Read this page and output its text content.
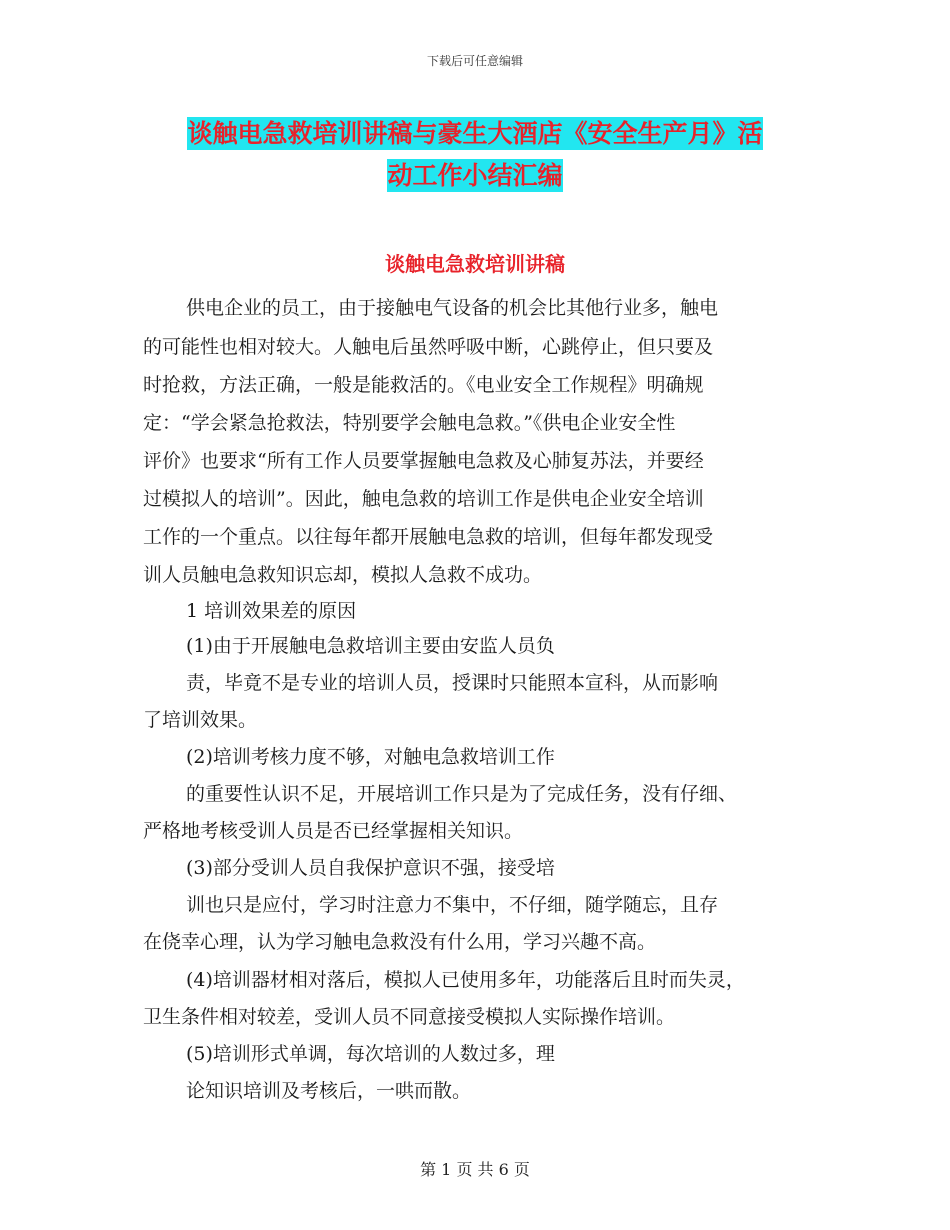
下载后可任意编辑
谈触电急救培训讲稿与豪生大酒店《安全生产月》活
动工作小结汇编
谈触电急救培训讲稿
供电企业的员工，由于接触电气设备的机会比其他行业多，触电
的可能性也相对较大。人触电后虽然呼吸中断，心跳停止，但只要及
时抢救，方法正确，一般是能救活的。《电业安全工作规程》明确规
定：“学会紧急抢救法，特别要学会触电急救。”《供电企业安全性
评价》也要求“所有工作人员要掌握触电急救及心肺复苏法，并要经
过模拟人的培训”。因此，触电急救的培训工作是供电企业安全培训
工作的一个重点。以往每年都开展触电急救的培训，但每年都发现受
训人员触电急救知识忘却，模拟人急救不成功。
1 培训效果差的原因
(1)由于开展触电急救培训主要由安监人员负
责，毕竟不是专业的培训人员，授课时只能照本宣科，从而影响
了培训效果。
(2)培训考核力度不够，对触电急救培训工作
的重要性认识不足，开展培训工作只是为了完成任务，没有仔细、
严格地考核受训人员是否已经掌握相关知识。
(3)部分受训人员自我保护意识不强，接受培
训也只是应付，学习时注意力不集中，不仔细，随学随忘，且存
在侥幸心理，认为学习触电急救没有什么用，学习兴趣不高。
(4)培训器材相对落后，模拟人已使用多年，功能落后且时而失灵，
卫生条件相对较差，受训人员不同意接受模拟人实际操作培训。
(5)培训形式单调，每次培训的人数过多，理
论知识培训及考核后，一哄而散。
第 1 页 共 6 页
